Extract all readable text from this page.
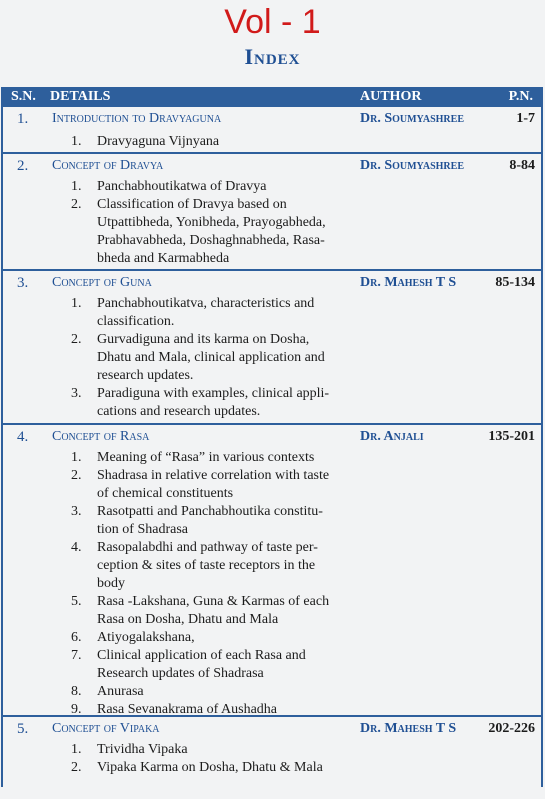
Vol - 1
Index
S.N. DETAILS	AUTHOR	P.N.
1. Introduction to Dravyaguna	Dr. Soumyashree	1-7
1.	Dravyaguna Vijnyana
2. Concept of Dravya	Dr. Soumyashree	8-84
1.	Panchabhoutikatwa of Dravya
2.	Classification of Dravya based on
Utpattibheda, Yonibheda, Prayogabheda,
Prabhavabheda, Doshaghnabheda, Rasa-
bheda and Karmabheda
3. Concept of Guna	Dr. Mahesh T S	85-134
1.	Panchabhoutikatva, characteristics and
classification.
2.	Gurvadiguna and its karma on Dosha,
Dhatu and Mala, clinical application and
research updates.
3.	Paradiguna with examples, clinical appli-
cations and research updates.
4. Concept of Rasa	Dr. Anjali	135-201
1.	Meaning of “Rasa” in various contexts
2.	Shadrasa in relative correlation with taste
of chemical constituents
3.	Rasotpatti and Panchabhoutika constitu-
tion of Shadrasa
4.	Rasopalabdhi and pathway of taste per-
ception & sites of taste receptors in the
body
5.	Rasa -Lakshana, Guna & Karmas of each
Rasa on Dosha, Dhatu and Mala
6.	Atiyogalakshana,
7.	Clinical application of each Rasa and
Research updates of Shadrasa
8.	Anurasa
9.	Rasa Sevanakrama of Aushadha
5. Concept of Vipaka	Dr. Mahesh T S 202-226
1.	Trividha Vipaka
2.	Vipaka Karma on Dosha, Dhatu & Mala
